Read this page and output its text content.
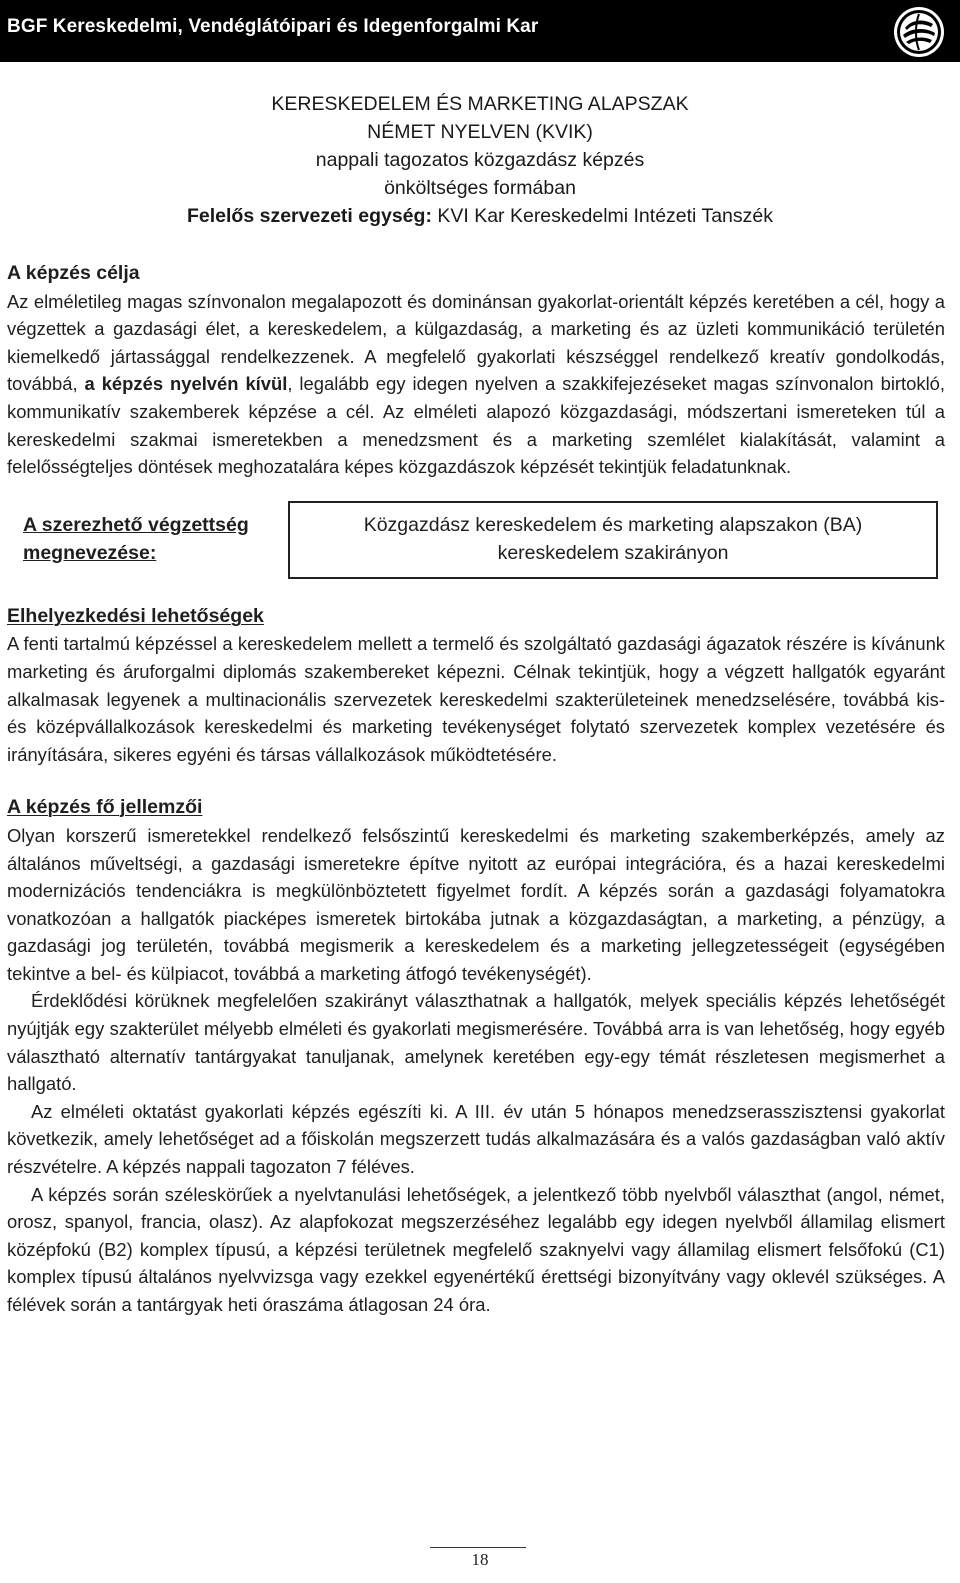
BGF Kereskedelmi, Vendéglátóipari és Idegenforgalmi Kar
KERESKEDELEM ÉS MARKETING ALAPSZAK
NÉMET NYELVEN (KVIK)
nappali tagozatos közgazdász képzés
önköltséges formában
Felelős szervezeti egység: KVI Kar Kereskedelmi Intézeti Tanszék
A képzés célja

Az elméletileg magas színvonalon megalapozott és dominánsan gyakorlat-orientált képzés keretében a cél, hogy a végzettek a gazdasági élet, a kereskedelem, a külgazdaság, a marketing és az üzleti kommunikáció területén kiemelkedő jártassággal rendelkezzenek. A megfelelő gyakorlati készséggel rendelkező kreatív gondolkodás, továbbá, a képzés nyelvén kívül, legalább egy idegen nyelven a szakkifejezéseket magas színvonalon birtokló, kommunikatív szakemberek képzése a cél. Az elméleti alapozó közgazdasági, módszertani ismereteken túl a kereskedelmi szakmai ismeretekben a menedzsment és a marketing szemlélet kialakítását, valamint a felelősségteljes döntések meghozatalára képes közgazdászok képzését tekintjük feladatunknak.

A szerezhető végzettség
megnevezése:
Közgazdász kereskedelem és marketing alapszakon (BA)
kereskedelem szakirányon
Elhelyezkedési lehetőségek

A fenti tartalmú képzéssel a kereskedelem mellett a termelő és szolgáltató gazdasági ágazatok részére is kívánunk marketing és áruforgalmi diplomás szakembereket képezni. Célnak tekintjük, hogy a végzett hallgatók egyaránt alkalmasak legyenek a multinacionális szervezetek kereskedelmi szakterületeinek menedzselésére, továbbá kis- és középvállalkozások kereskedelmi és marketing tevékenységet folytató szervezetek komplex vezetésére és irányítására, sikeres egyéni és társas vállalkozások működtetésére.

A képzés fő jellemzői

Olyan korszerű ismeretekkel rendelkező felsőszintű kereskedelmi és marketing szakemberképzés, amely az általános műveltségi, a gazdasági ismeretekre építve nyitott az európai integrációra, és a hazai kereskedelmi modernizációs tendenciákra is megkülönböztetett figyelmet fordít. A képzés során a gazdasági folyamatokra vonatkozóan a hallgatók piacképes ismeretek birtokába jutnak a közgazdaságtan, a marketing, a pénzügy, a gazdasági jog területén, továbbá megismerik a kereskedelem és a marketing jellegzetességeit (egységében tekintve a bel- és külpiacot, továbbá a marketing átfogó tevékenységét).

Érdeklődési körüknek megfelelően szakirányt választhatnak a hallgatók, melyek speciális képzés lehetőségét nyújtják egy szakterület mélyebb elméleti és gyakorlati megismerésére. Továbbá arra is van lehetőség, hogy egyéb választható alternatív tantárgyakat tanuljanak, amelynek keretében egy-egy témát részletesen megismerhet a hallgató.

Az elméleti oktatást gyakorlati képzés egészíti ki. A III. év után 5 hónapos menedzserasszisztensi gyakorlat következik, amely lehetőséget ad a főiskolán megszerzett tudás alkalmazására és a valós gazdaságban való aktív részvételre. A képzés nappali tagozaton 7 féléves.

A képzés során széleskörűek a nyelvtanulási lehetőségek, a jelentkező több nyelvből választhat (angol, német, orosz, spanyol, francia, olasz). Az alapfokozat megszerzéséhez legalább egy idegen nyelvből államilag elismert középfokú (B2) komplex típusú, a képzési területnek megfelelő szaknyelvi vagy államilag elismert felsőfokú (C1) komplex típusú általános nyelvvizsga vagy ezekkel egyenértékű érettségi bizonyítvány vagy oklevél szükséges. A félévek során a tantárgyak heti óraszáma átlagosan 24 óra.

18
